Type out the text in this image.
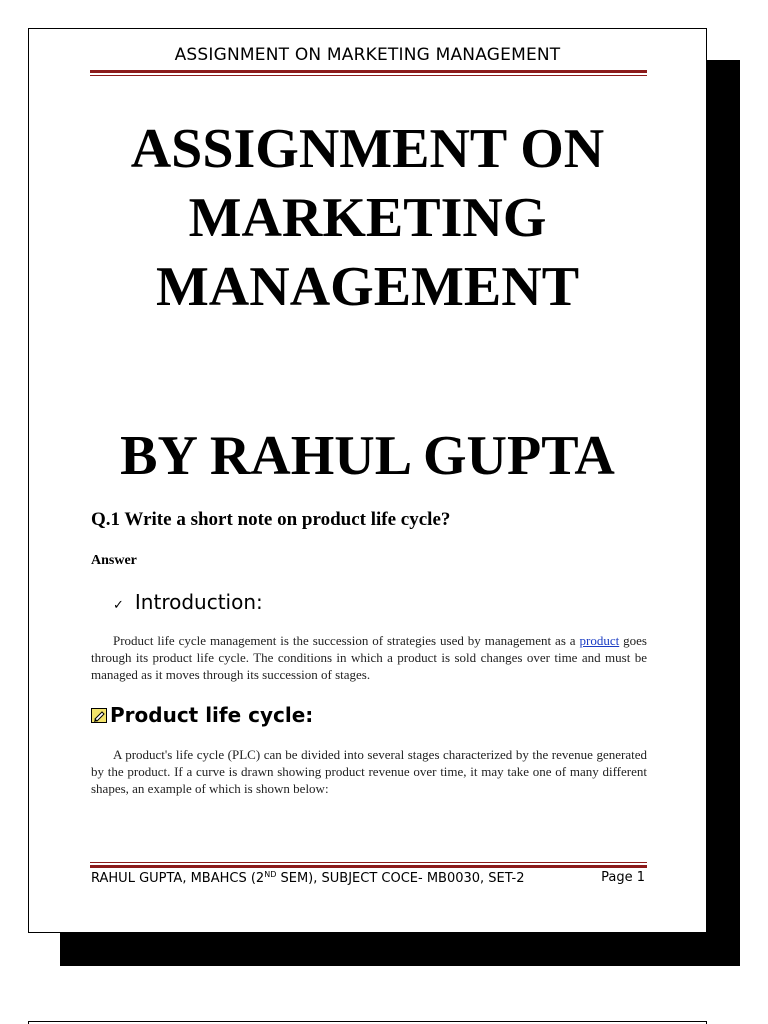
ASSIGNMENT ON MARKETING MANAGEMENT
ASSIGNMENT ON
MARKETING
MANAGEMENT
BY RAHUL GUPTA
Q.1 Write a short note on product life cycle?
Answer
✓ Introduction:
Product life cycle management is the succession of strategies used by management as a product goes through its product life cycle. The conditions in which a product is sold changes over time and must be managed as it moves through its succession of stages.
Product life cycle:
A product's life cycle (PLC) can be divided into several stages characterized by the revenue generated by the product. If a curve is drawn showing product revenue over time, it may take one of many different shapes, an example of which is shown below:
RAHUL GUPTA, MBAHCS (2ND SEM), SUBJECT COCE- MB0030, SET-2	Page 1
